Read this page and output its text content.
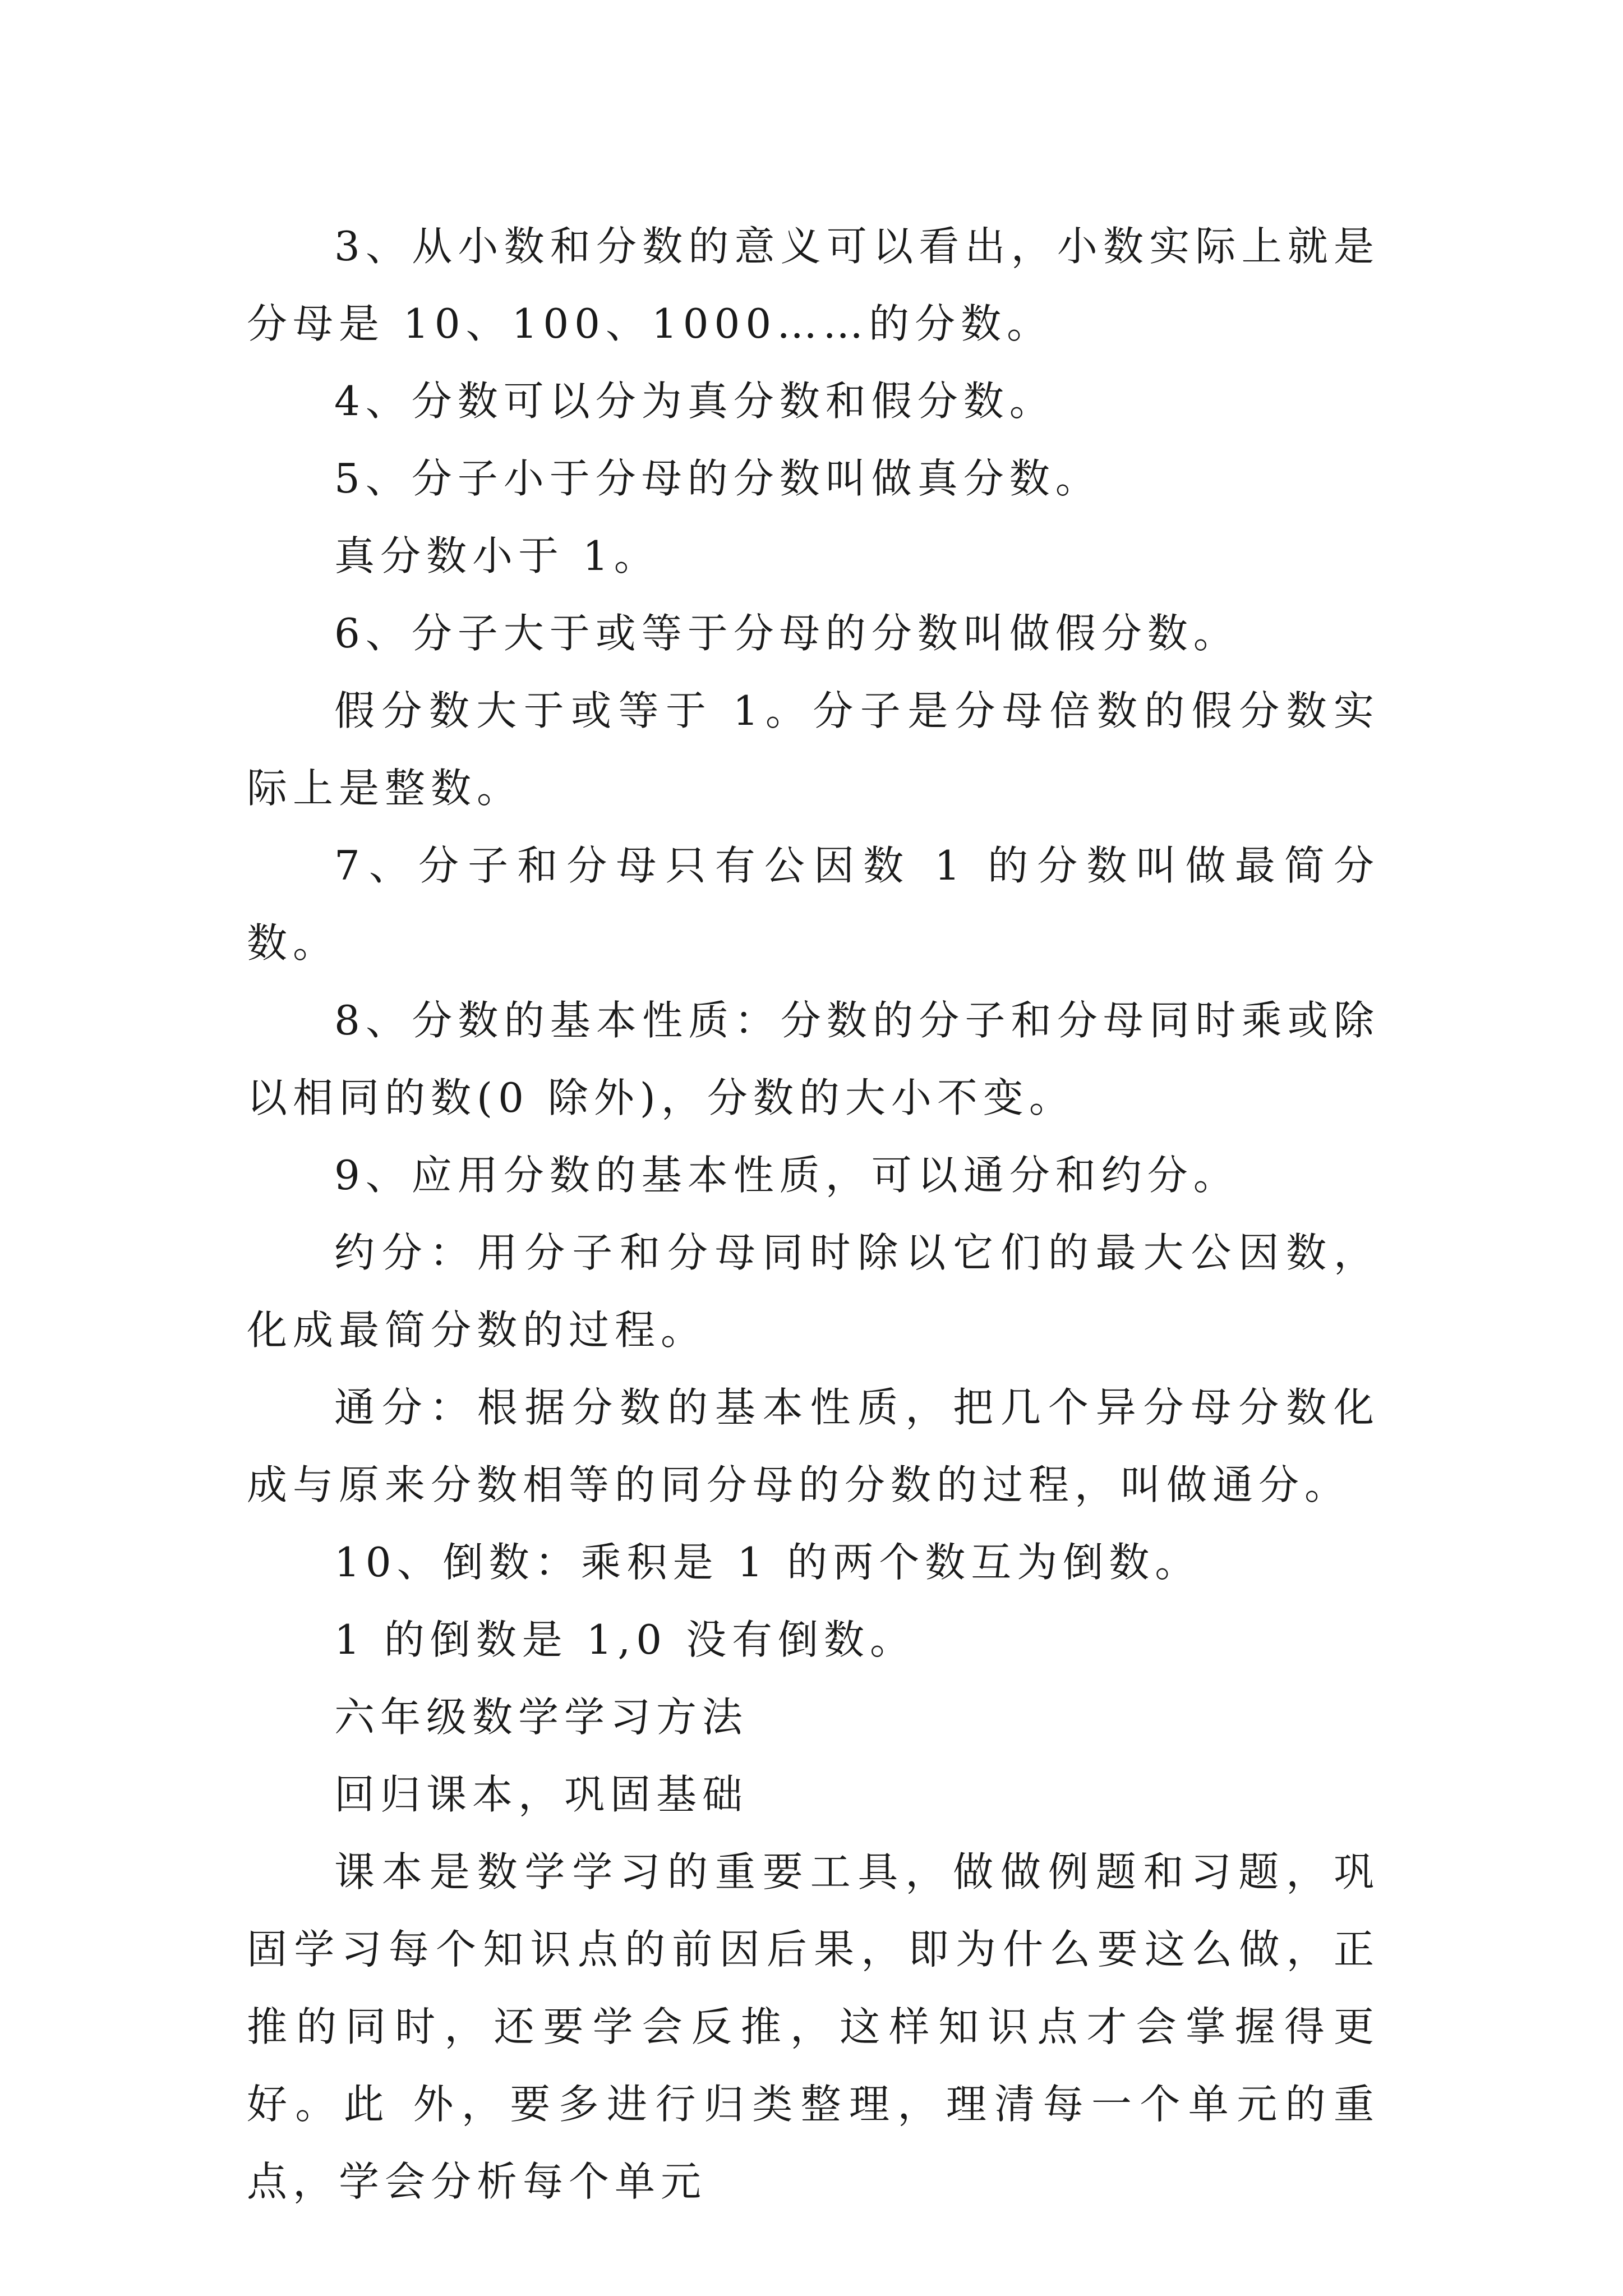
3、从小数和分数的意义可以看出，小数实际上就是分母是 10、100、1000……的分数。

4、分数可以分为真分数和假分数。

5、分子小于分母的分数叫做真分数。

真分数小于 1。

6、分子大于或等于分母的分数叫做假分数。

假分数大于或等于 1。分子是分母倍数的假分数实际上是整数。

7、分子和分母只有公因数 1 的分数叫做最简分数。

8、分数的基本性质：分数的分子和分母同时乘或除以相同的数(0 除外)，分数的大小不变。

9、应用分数的基本性质，可以通分和约分。

约分：用分子和分母同时除以它们的最大公因数，化成最简分数的过程。

通分：根据分数的基本性质，把几个异分母分数化成与原来分数相等的同分母的分数的过程，叫做通分。

10、倒数：乘积是 1 的两个数互为倒数。

1 的倒数是 1,0 没有倒数。

六年级数学学习方法

回归课本，巩固基础

课本是数学学习的重要工具，做做例题和习题，巩固学习每个知识点的前因后果，即为什么要这么做，正推的同时，还要学会反推，这样知识点才会掌握得更好。此 外，要多进行归类整理，理清每一个单元的重点，学会分析每个单元
